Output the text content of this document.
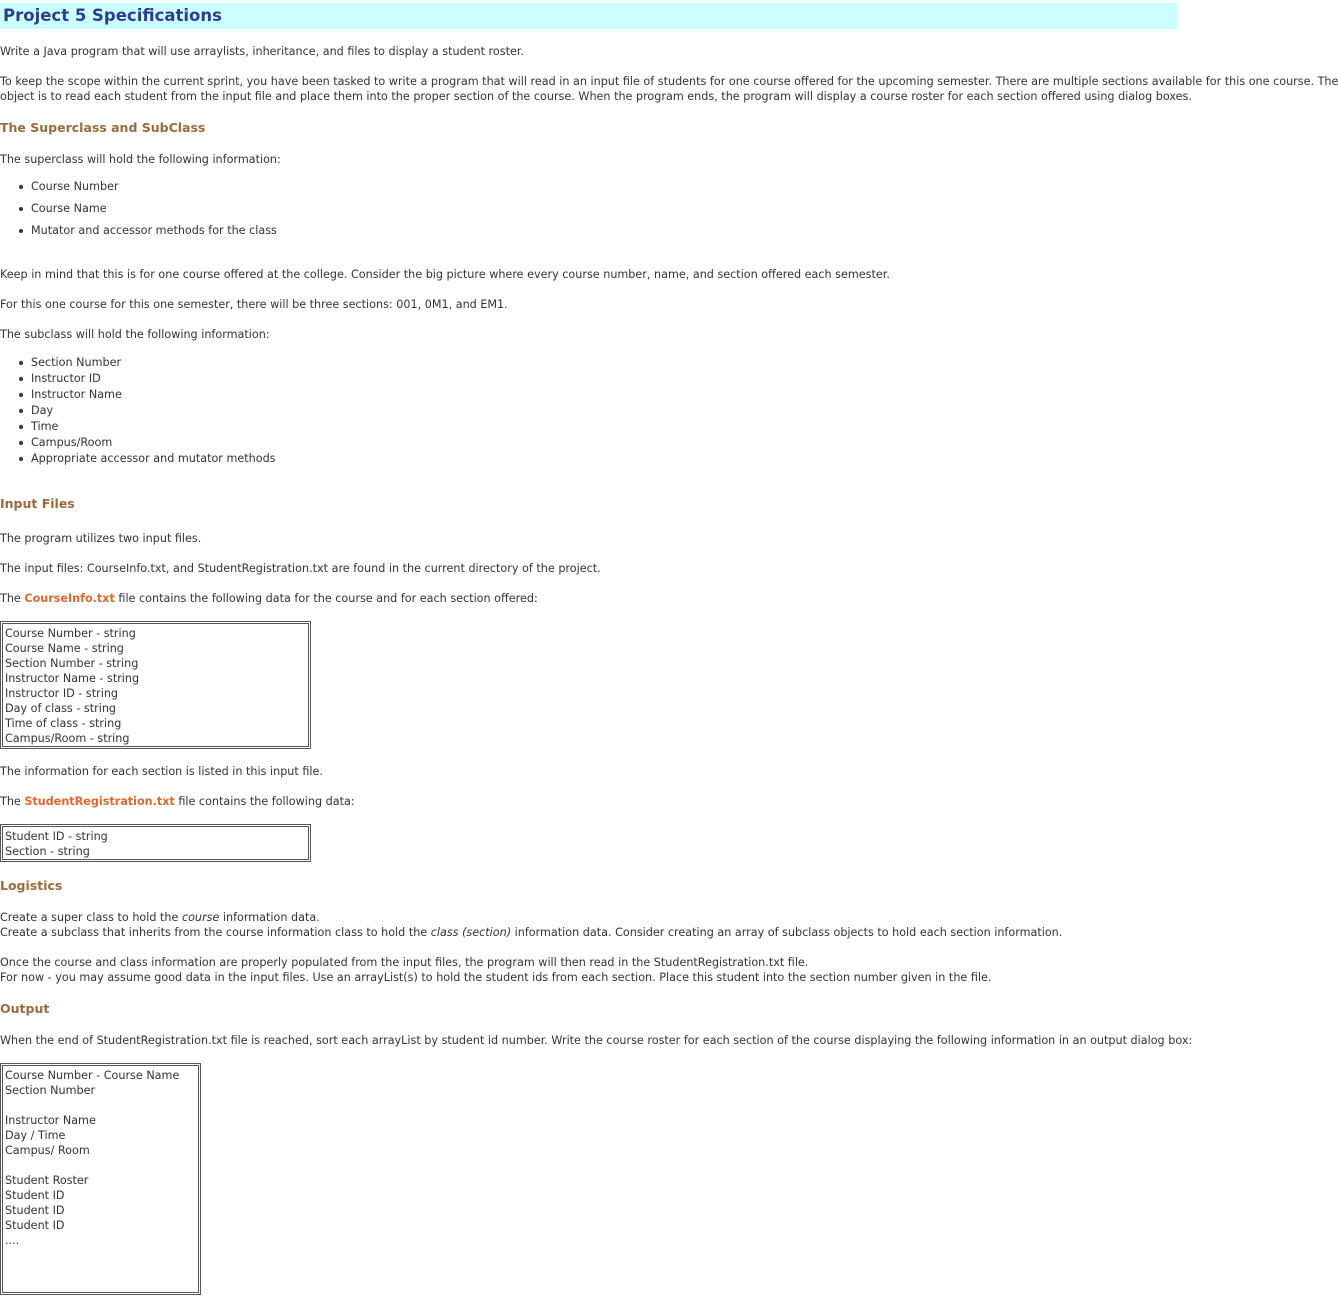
Project 5 Specifications

Write a Java program that will use arraylists, inheritance, and files to display a student roster.

To keep the scope within the current sprint, you have been tasked to write a program that will read in an input file of students for one course offered for the upcoming semester. There are multiple sections available for this one course. The

object is to read each student from the input file and place them into the proper section of the course. When the program ends, the program will display a course roster for each section offered using dialog boxes.

The Superclass and SubClass

The superclass will hold the following information:

Course Number
Course Name
Mutator and accessor methods for the class

Keep in mind that this is for one course offered at the college. Consider the big picture where every course number, name, and section offered each semester.

For this one course for this one semester, there will be three sections: 001, 0M1, and EM1.

The subclass will hold the following information:

Section Number
Instructor ID
Instructor Name
Day
Time
Campus/Room
Appropriate accessor and mutator methods
Input Files

The program utilizes two input files.

The input files: CourseInfo.txt, and StudentRegistration.txt are found in the current directory of the project.

The CourseInfo.txt file contains the following data for the course and for each section offered:

Course Number - string
Course Name - string
Section Number - string
Instructor Name - string
Instructor ID - string
Day of class - string
Time of class - string
Campus/Room - string

The information for each section is listed in this input file.

The StudentRegistration.txt file contains the following data:

Student ID - string
Section - string
Logistics

Create a super class to hold the course information data.

Create a subclass that inherits from the course information class to hold the class (section) information data. Consider creating an array of subclass objects to hold each section information.

Once the course and class information are properly populated from the input files, the program will then read in the StudentRegistration.txt file.

For now - you may assume good data in the input files. Use an arrayList(s) to hold the student ids from each section. Place this student into the section number given in the file.

Output

When the end of StudentRegistration.txt file is reached, sort each arrayList by student id number. Write the course roster for each section of the course displaying the following information in an output dialog box:

Course Number - Course Name
Section Number
Instructor Name
Day / Time
Campus/ Room
Student Roster
Student ID
Student ID
Student ID
....
